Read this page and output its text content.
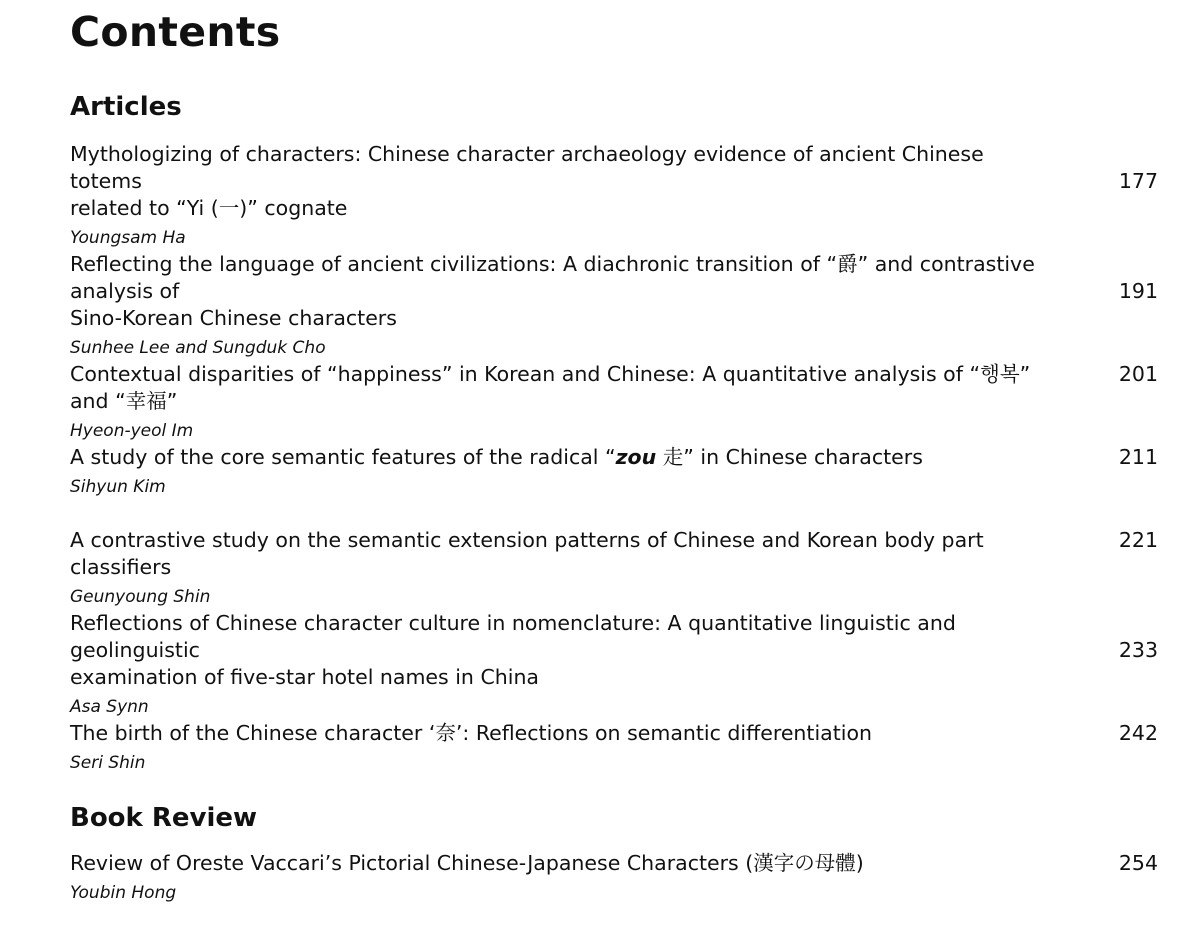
Contents
Articles
Mythologizing of characters: Chinese character archaeology evidence of ancient Chinese totems
related to “Yi (一)” cognate
Youngsam Ha
177
Reflecting the language of ancient civilizations: A diachronic transition of “爵” and contrastive analysis of
Sino-Korean Chinese characters
Sunhee Lee and Sungduk Cho
191
Contextual disparities of “happiness” in Korean and Chinese: A quantitative analysis of “행복” and “幸福”
Hyeon-yeol Im
201
A study of the core semantic features of the radical “zou 走” in Chinese characters
Sihyun Kim
211
A contrastive study on the semantic extension patterns of Chinese and Korean body part classifiers
Geunyoung Shin
221
Reflections of Chinese character culture in nomenclature: A quantitative linguistic and geolinguistic
examination of five-star hotel names in China
Asa Synn
233
The birth of the Chinese character ‘奈’: Reflections on semantic differentiation
Seri Shin
242
Book Review
Review of Oreste Vaccari’s Pictorial Chinese-Japanese Characters (漢字の母體)
Youbin Hong
254
